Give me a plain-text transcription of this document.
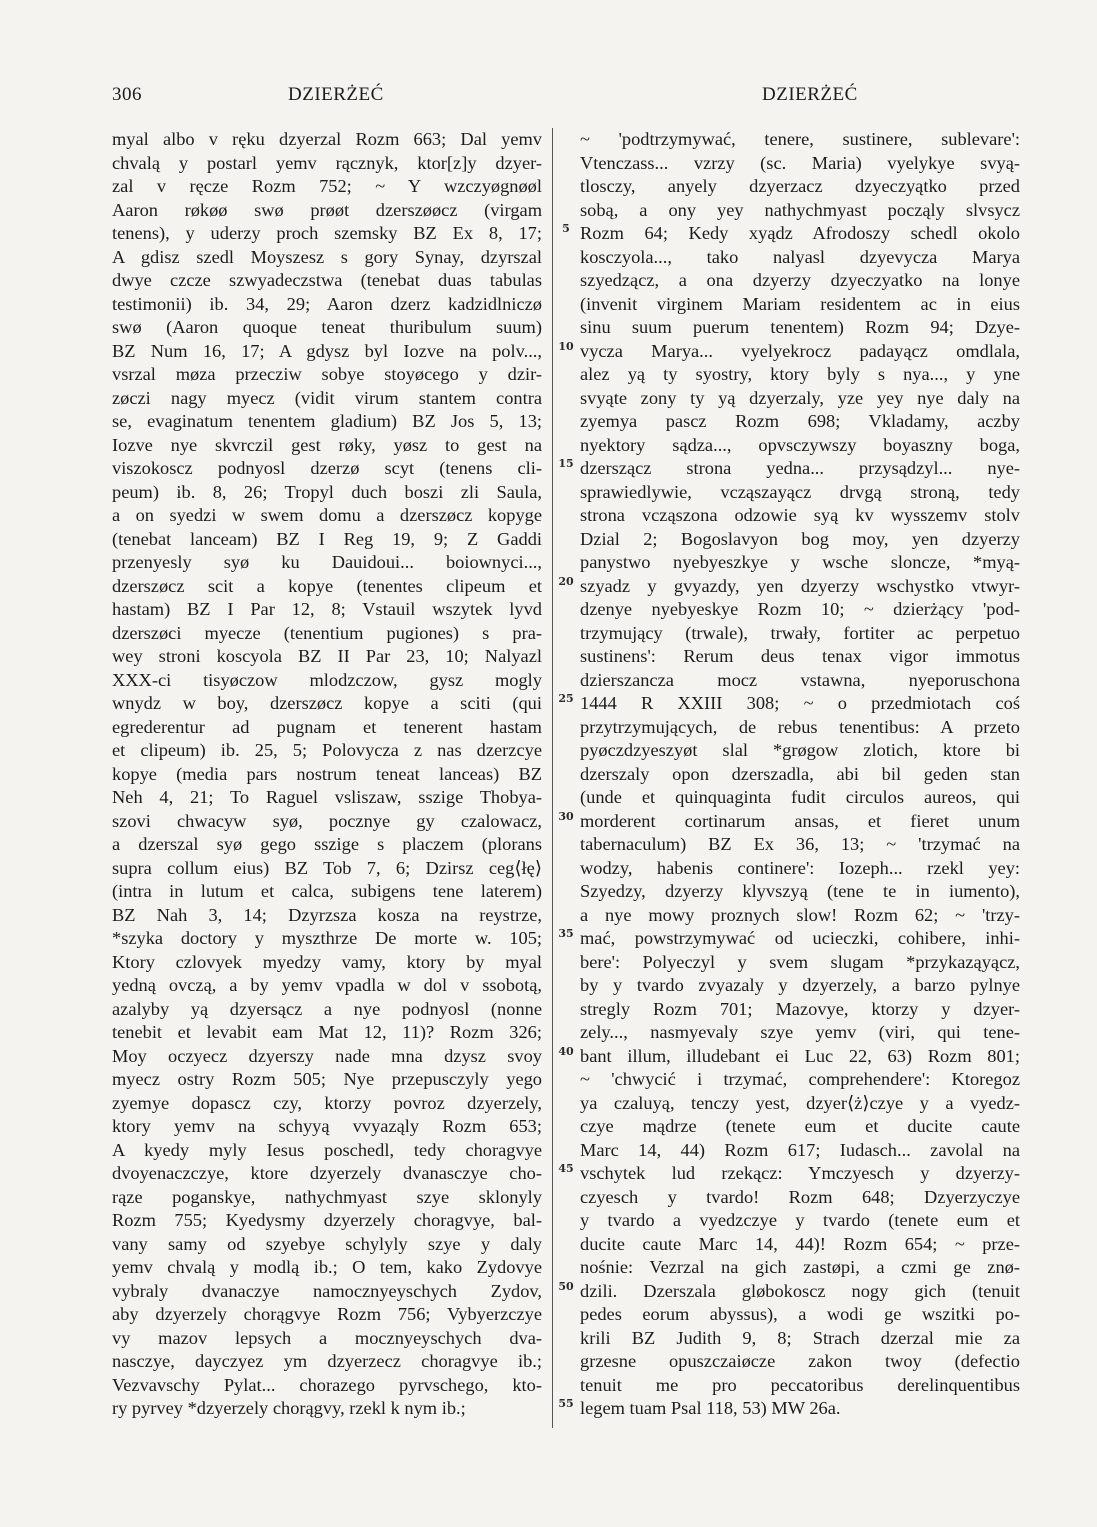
306	DZIERŻEĆ	DZIERŻEĆ
myal albo v ręku dzyerzal Rozm 663; Dal yemv
chvalą y postarl yemv rącznyk, ktor[z]y dzyer-
zal v ręcze Rozm 752; ~ Y wzczyøgnøøl
Aaron røkøø swø prøøt dzerszøøcz (virgam
tenens), y uderzy proch szemsky BZ Ex 8, 17;
A gdisz szedl Moyszesz s gory Synay, dzyrszal
dwye czcze szwyadeczstwa (tenebat duas tabulas
testimonii) ib. 34, 29; Aaron dzerz kadzidlniczø
swø (Aaron quoque teneat thuribulum suum)
BZ Num 16, 17; A gdysz byl Iozve na polv...,
vsrzal møza przecziw sobye stoyøcego y dzir-
zøczi nagy myecz (vidit virum stantem contra
se, evaginatum tenentem gladium) BZ Jos 5, 13;
Iozve nye skvrczil gest røky, yøsz to gest na
viszokoscz podnyosl dzerzø scyt (tenens cli-
peum) ib. 8, 26; Tropyl duch boszi zli Saula,
a on syedzi w swem domu a dzerszøcz kopyge
(tenebat lanceam) BZ I Reg 19, 9; Z Gaddi
przenyesly syø ku Dauidoui... boiownyci...,
dzerszøcz scit a kopye (tenentes clipeum et
hastam) BZ I Par 12, 8; Vstauil wszytek lyvd
dzerszøci myecze (tenentium pugiones) s pra-
wey stroni koscyola BZ II Par 23, 10; Nalyazl
XXX-ci tisyøczow mlodzczow, gysz mogly
wnydz w boy, dzerszøcz kopye a sciti (qui
egrederentur ad pugnam et tenerent hastam
et clipeum) ib. 25, 5; Polovycza z nas dzerzcye
kopye (media pars nostrum teneat lanceas) BZ
Neh 4, 21; To Raguel vsliszaw, sszige Thobya-
szovi chwacyw syø, pocznye gy czalowacz,
a dzerszal syø gego sszige s placzem (plorans
supra collum eius) BZ Tob 7, 6; Dzirsz ceg⟨łę⟩
(intra in lutum et calca, subigens tene laterem)
BZ Nah 3, 14; Dzyrzsza kosza na reystrze,
*szyka doctory y myszthrze De morte w. 105;
Ktory czlovyek myedzy vamy, ktory by myal
yedną ovczą, a by yemv vpadla w dol v ssobotą,
azalyby yą dzyersącz a nye podnyosl (nonne
tenebit et levabit eam Mat 12, 11)? Rozm 326;
Moy oczyecz dzyerszy nade mna dzysz svoy
myecz ostry Rozm 505; Nye przepusczyly yego
zyemye dopascz czy, ktorzy povroz dzyerzely,
ktory yemv na schyyą vvyaząly Rozm 653;
A kyedy myly Iesus poschedl, tedy choragvye
dvoyenaczczye, ktore dzyerzely dvanasczye cho-
rąze poganskye, nathychmyast szye sklonyly
Rozm 755; Kyedysmy dzyerzely choragvye, bal-
vany samy od szyebye schylyly szye y daly
yemv chvalą y modlą ib.; O tem, kako Zydovye
vybraly dvanaczye namocznyeyschych Zydov,
aby dzyerzely chorągvye Rozm 756; Vybyerzczye
vy mazov lepsych a mocznyeyschych dva-
nasczye, dayczyez ym dzyerzecz choragvye ib.;
Vezvavschy Pylat... chorazego pyrvschego, kto-
ry pyrvey *dzyerzely chorągvy, rzekl k nym ib.;
5
10
15
20
25
30
35
40
45
50
55
~ 'podtrzymywać, tenere, sustinere, sublevare':
Vtenczass... vzrzy (sc. Maria) vyelykye svyą-
tlosczy, anyely dzyerzacz dzyeczyątko przed
sobą, a ony yey nathychmyast począly slvsycz
Rozm 64; Kedy xyądz Afrodoszy schedl okolo
kosczyola..., tako nalyasl dzyevycza Marya
szyedzącz, a ona dzyerzy dzyeczyatko na lonye
(invenit virginem Mariam residentem ac in eius
sinu suum puerum tenentem) Rozm 94; Dzye-
vycza Marya... vyelyekrocz padayącz omdlala,
alez yą ty syostry, ktory byly s nya..., y yne
svyąte zony ty yą dzyerzaly, yze yey nye daly na
zyemya pascz Rozm 698; Vkladamy, aczby
nyektory sądza..., opvsczywszy boyaszny boga,
dzerszącz strona yedna... przysądzyl... nye-
sprawiedlywie, vcząszayącz drvgą stroną, tedy
strona vcząszona odzowie syą kv wysszemv stolv
Dzial 2; Bogoslavyon bog moy, yen dzyerzy
panystwo nyebyeszkye y wsche sloncze, *myą-
szyadz y gvyazdy, yen dzyerzy wschystko vtwyr-
dzenye nyebyeskye Rozm 10; ~ dzierżący 'pod-
trzymujący (trwale), trwały, fortiter ac perpetuo
sustinens': Rerum deus tenax vigor immotus
dzierszancza mocz vstawna, nyeporuschona
1444 R XXIII 308; ~ o przedmiotach coś
przytrzymujących, de rebus tenentibus: A przeto
pyøczdzyeszyøt slal *grøgow zlotich, ktore bi
dzerszaly opon dzerszadla, abi bil geden stan
(unde et quinquaginta fudit circulos aureos, qui
morderent cortinarum ansas, et fieret unum
tabernaculum) BZ Ex 36, 13; ~ 'trzymać na
wodzy, habenis continere': Iozeph... rzekl yey:
Szyedzy, dzyerzy klyvszyą (tene te in iumento),
a nye mowy proznych slow! Rozm 62; ~ 'trzy-
mać, powstrzymywać od ucieczki, cohibere, inhi-
bere': Polyeczyl y svem slugam *przykaząyącz,
by y tvardo zvyazaly y dzyerzely, a barzo pylnye
stregly Rozm 701; Mazovye, ktorzy y dzyer-
zely..., nasmyevaly szye yemv (viri, qui tene-
bant illum, illudebant ei Luc 22, 63) Rozm 801;
~ 'chwycić i trzymać, comprehendere': Ktoregoz
ya czaluyą, tenczy yest, dzyer⟨ż⟩czye y a vyedz-
czye mądrze (tenete eum et ducite caute
Marc 14, 44) Rozm 617; Iudasch... zavolal na
vschytek lud rzekącz: Ymczyesch y dzyerzy-
czyesch y tvardo! Rozm 648; Dzyerzyczye
y tvardo a vyedzczye y tvardo (tenete eum et
ducite caute Marc 14, 44)! Rozm 654; ~ prze-
nośnie: Vezrzal na gich zastøpi, a czmi ge znø-
dzili. Dzerszala gløbokoscz nogy gich (tenuit
pedes eorum abyssus), a wodi ge wszitki po-
krili BZ Judith 9, 8; Strach dzerzal mie za
grzesne opuszczaiøcze zakon twoy (defectio
tenuit me pro peccatoribus derelinquentibus
legem tuam Psal 118, 53) MW 26a.
